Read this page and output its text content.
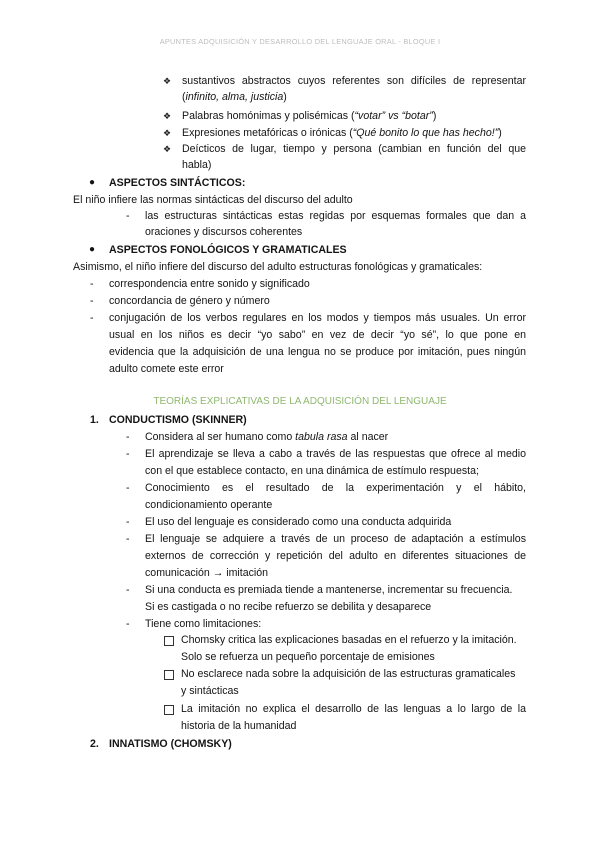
APUNTES ADQUISICIÓN Y DESARROLLO DEL LENGUAJE ORAL - BLOQUE I
❖ sustantivos abstractos cuyos referentes son difíciles de representar
(infinito, alma, justicia)
❖ Palabras homónimas y polisémicas (“votar” vs “botar”)
❖ Expresiones metafóricas o irónicas (“Qué bonito lo que has hecho!”)
❖ Deícticos de lugar, tiempo y persona (cambian en función del que
habla)
● ASPECTOS SINTÁCTICOS:
El niño infiere las normas sintácticas del discurso del adulto
-	las estructuras sintácticas estas regidas por esquemas formales que dan a
oraciones y discursos coherentes
● ASPECTOS FONOLÓGICOS Y GRAMATICALES
Asimismo, el niño infiere del discurso del adulto estructuras fonológicas y gramaticales:
-	correspondencia entre sonido y significado
-	concordancia de género y número
-	conjugación de los verbos regulares en los modos y tiempos más usuales. Un error
usual en los niños es decir “yo sabo” en vez de decir “yo sé”, lo que pone en
evidencia que la adquisición de una lengua no se produce por imitación, pues ningún
adulto comete este error
TEORÍAS EXPLICATIVAS DE LA ADQUISICIÓN DEL LENGUAJE
1. CONDUCTISMO (SKINNER)
-	Considera al ser humano como tabula rasa al nacer
-	El aprendizaje se lleva a cabo a través de las respuestas que ofrece al medio
con el que establece contacto, en una dinámica de estímulo respuesta;
-	Conocimiento es el resultado de la experimentación y el hábito,
condicionamiento operante
-	El uso del lenguaje es considerado como una conducta adquirida
-	El lenguaje se adquiere a través de un proceso de adaptación a estímulos
externos de corrección y repetición del adulto en diferentes situaciones de
comunicación → imitación
-	Si una conducta es premiada tiende a mantenerse, incrementar su frecuencia.
Si es castigada o no recibe refuerzo se debilita y desaparece
-	Tiene como limitaciones:
Chomsky critica las explicaciones basadas en el refuerzo y la imitación.
Solo se refuerza un pequeño porcentaje de emisiones
No esclarece nada sobre la adquisición de las estructuras gramaticales
y sintácticas
La imitación no explica el desarrollo de las lenguas a lo largo de la
historia de la humanidad
2. INNATISMO (CHOMSKY)
